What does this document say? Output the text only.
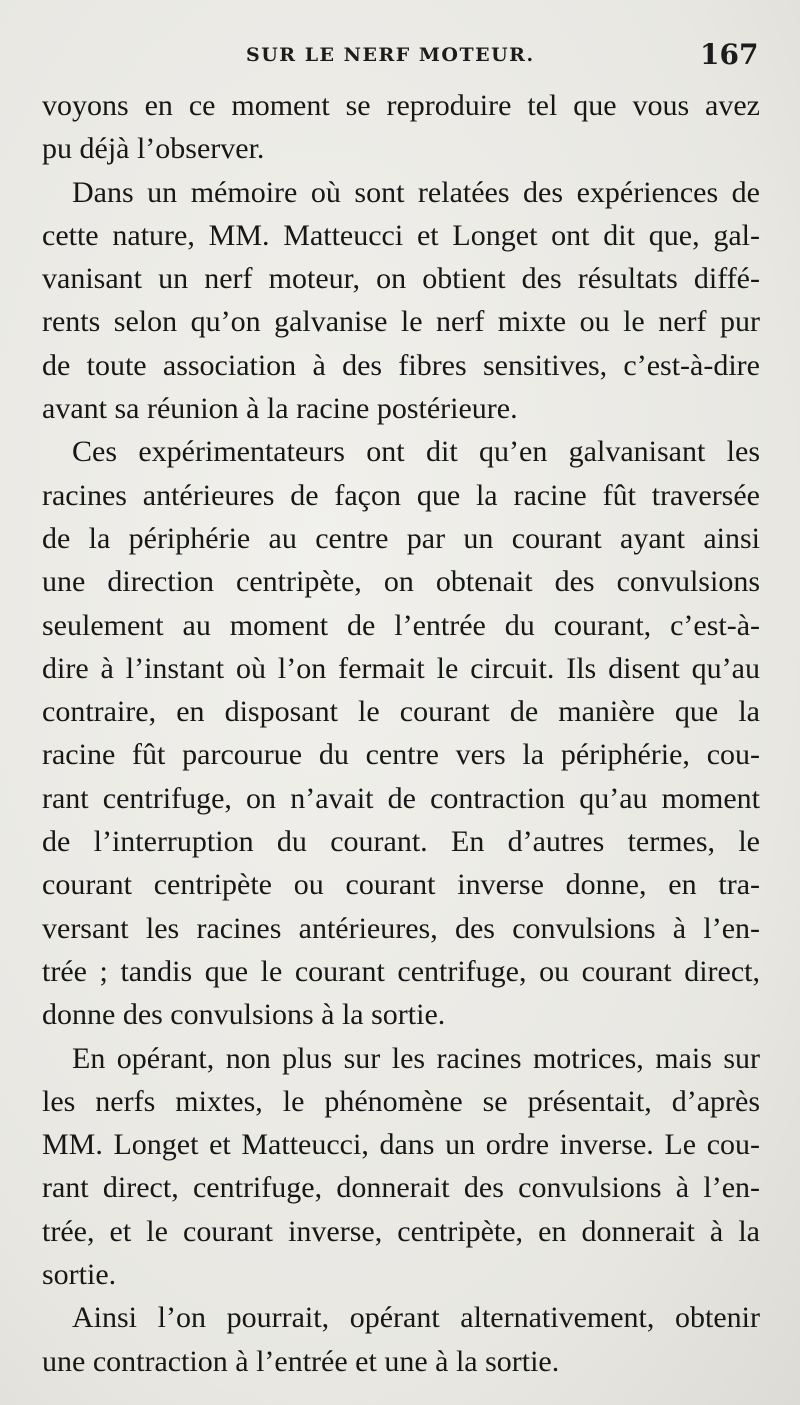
SUR LE NERF MOTEUR.	167
voyons en ce moment se reproduire tel que vous avez
pu déjà l’observer.
Dans un mémoire où sont relatées des expériences de
cette nature, MM. Matteucci et Longet ont dit que, gal-
vanisant un nerf moteur, on obtient des résultats diffé-
rents selon qu’on galvanise le nerf mixte ou le nerf pur
de toute association à des fibres sensitives, c’est-à-dire
avant sa réunion à la racine postérieure.
Ces expérimentateurs ont dit qu’en galvanisant les
racines antérieures de façon que la racine fût traversée
de la périphérie au centre par un courant ayant ainsi
une direction centripète, on obtenait des convulsions
seulement au moment de l’entrée du courant, c’est-à-
dire à l’instant où l’on fermait le circuit. Ils disent qu’au
contraire, en disposant le courant de manière que la
racine fût parcourue du centre vers la périphérie, cou-
rant centrifuge, on n’avait de contraction qu’au moment
de l’interruption du courant. En d’autres termes, le
courant centripète ou courant inverse donne, en tra-
versant les racines antérieures, des convulsions à l’en-
trée ; tandis que le courant centrifuge, ou courant direct,
donne des convulsions à la sortie.
En opérant, non plus sur les racines motrices, mais sur
les nerfs mixtes, le phénomène se présentait, d’après
MM. Longet et Matteucci, dans un ordre inverse. Le cou-
rant direct, centrifuge, donnerait des convulsions à l’en-
trée, et le courant inverse, centripète, en donnerait à la
sortie.
Ainsi l’on pourrait, opérant alternativement, obtenir
une contraction à l’entrée et une à la sortie.
